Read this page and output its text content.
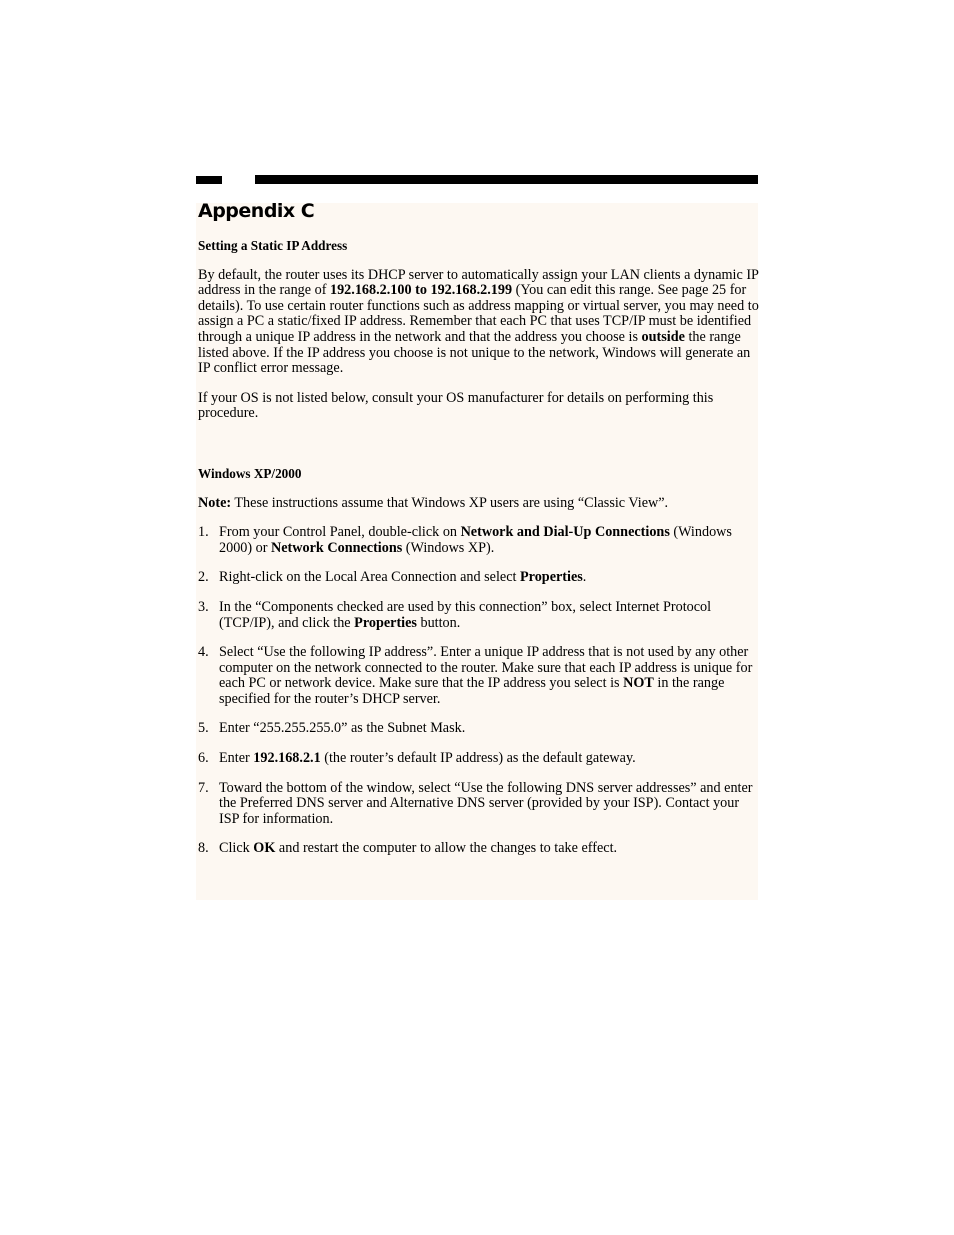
Appendix C

Setting a Static IP Address

By default, the router uses its DHCP server to automatically assign your LAN clients a dynamic IP address in the range of 192.168.2.100 to 192.168.2.199 (You can edit this range. See page 25 for details). To use certain router functions such as address mapping or virtual server, you may need to assign a PC a static/fixed IP address. Remember that each PC that uses TCP/IP must be identified through a unique IP address in the network and that the address you choose is outside the range listed above. If the IP address you choose is not unique to the network, Windows will generate an IP conflict error message.

If your OS is not listed below, consult your OS manufacturer for details on performing this procedure.

Windows XP/2000

Note: These instructions assume that Windows XP users are using “Classic View”.

1. From your Control Panel, double-click on Network and Dial-Up Connections (Windows 2000) or Network Connections (Windows XP).
2. Right-click on the Local Area Connection and select Properties.
3. In the “Components checked are used by this connection” box, select Internet Protocol (TCP/IP), and click the Properties button.
4. Select “Use the following IP address”. Enter a unique IP address that is not used by any other computer on the network connected to the router. Make sure that each IP address is unique for each PC or network device. Make sure that the IP address you select is NOT in the range specified for the router’s DHCP server.
5. Enter “255.255.255.0” as the Subnet Mask.
6. Enter 192.168.2.1 (the router’s default IP address) as the default gateway.
7. Toward the bottom of the window, select “Use the following DNS server addresses” and enter the Preferred DNS server and Alternative DNS server (provided by your ISP). Contact your ISP for information.
8. Click OK and restart the computer to allow the changes to take effect.
